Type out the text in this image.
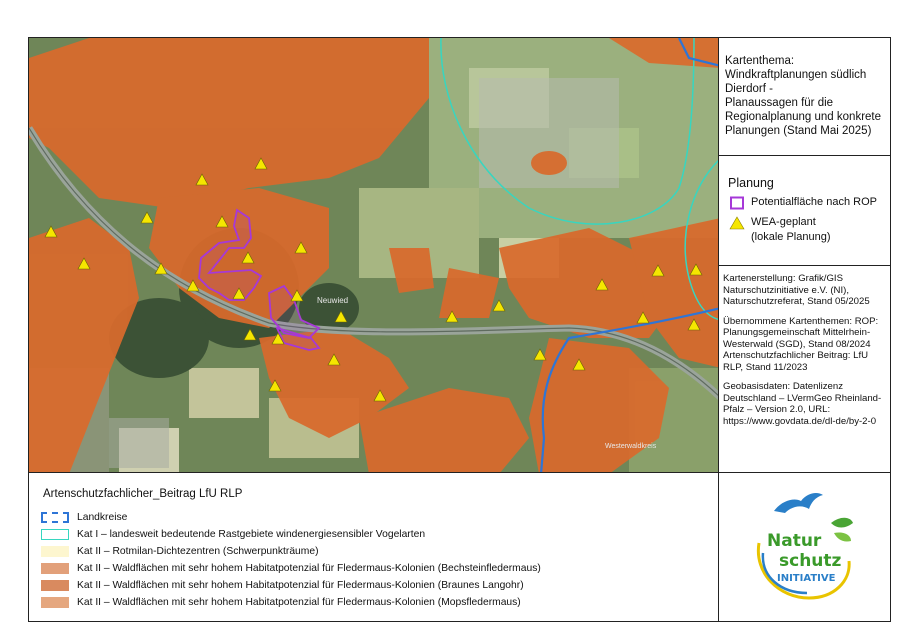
Neuwied
Westerwaldkreis
Kartenthema:
Windkraftplanungen südlich
Dierdorf -
Planaussagen für die
Regionalplanung und konkrete
Planungen (Stand Mai 2025)
Planung
Potentialfläche nach ROP
WEA-geplant
(lokale Planung)

Kartenerstellung: Grafik/GIS Naturschutzinitiative e.V. (NI), Naturschutzreferat, Stand 05/2025

Übernommene Kartenthemen: ROP: Planungsgemeinschaft Mittelrhein-Westerwald (SGD), Stand 08/2024 Artenschutzfachlicher Beitrag: LfU RLP, Stand 11/2023

Geobasisdaten: Datenlizenz Deutschland – LVermGeo Rheinland-Pfalz – Version 2.0, URL: https://www.govdata.de/dl-de/by-2-0

Artenschutzfachlicher_Beitrag LfU RLP
Landkreise
Kat I – landesweit bedeutende Rastgebiete windenergiesensibler Vogelarten
Kat II – Rotmilan-Dichtezentren (Schwerpunkträume)
Kat II – Waldflächen mit sehr hohem Habitatpotenzial für Fledermaus-Kolonien (Bechsteinfledermaus)
Kat II – Waldflächen mit sehr hohem Habitatpotenzial für Fledermaus-Kolonien (Braunes Langohr)
Kat II – Waldflächen mit sehr hohem Habitatpotenzial für Fledermaus-Kolonien (Mopsfledermaus)
Natur
schutz
INITIATIVE
